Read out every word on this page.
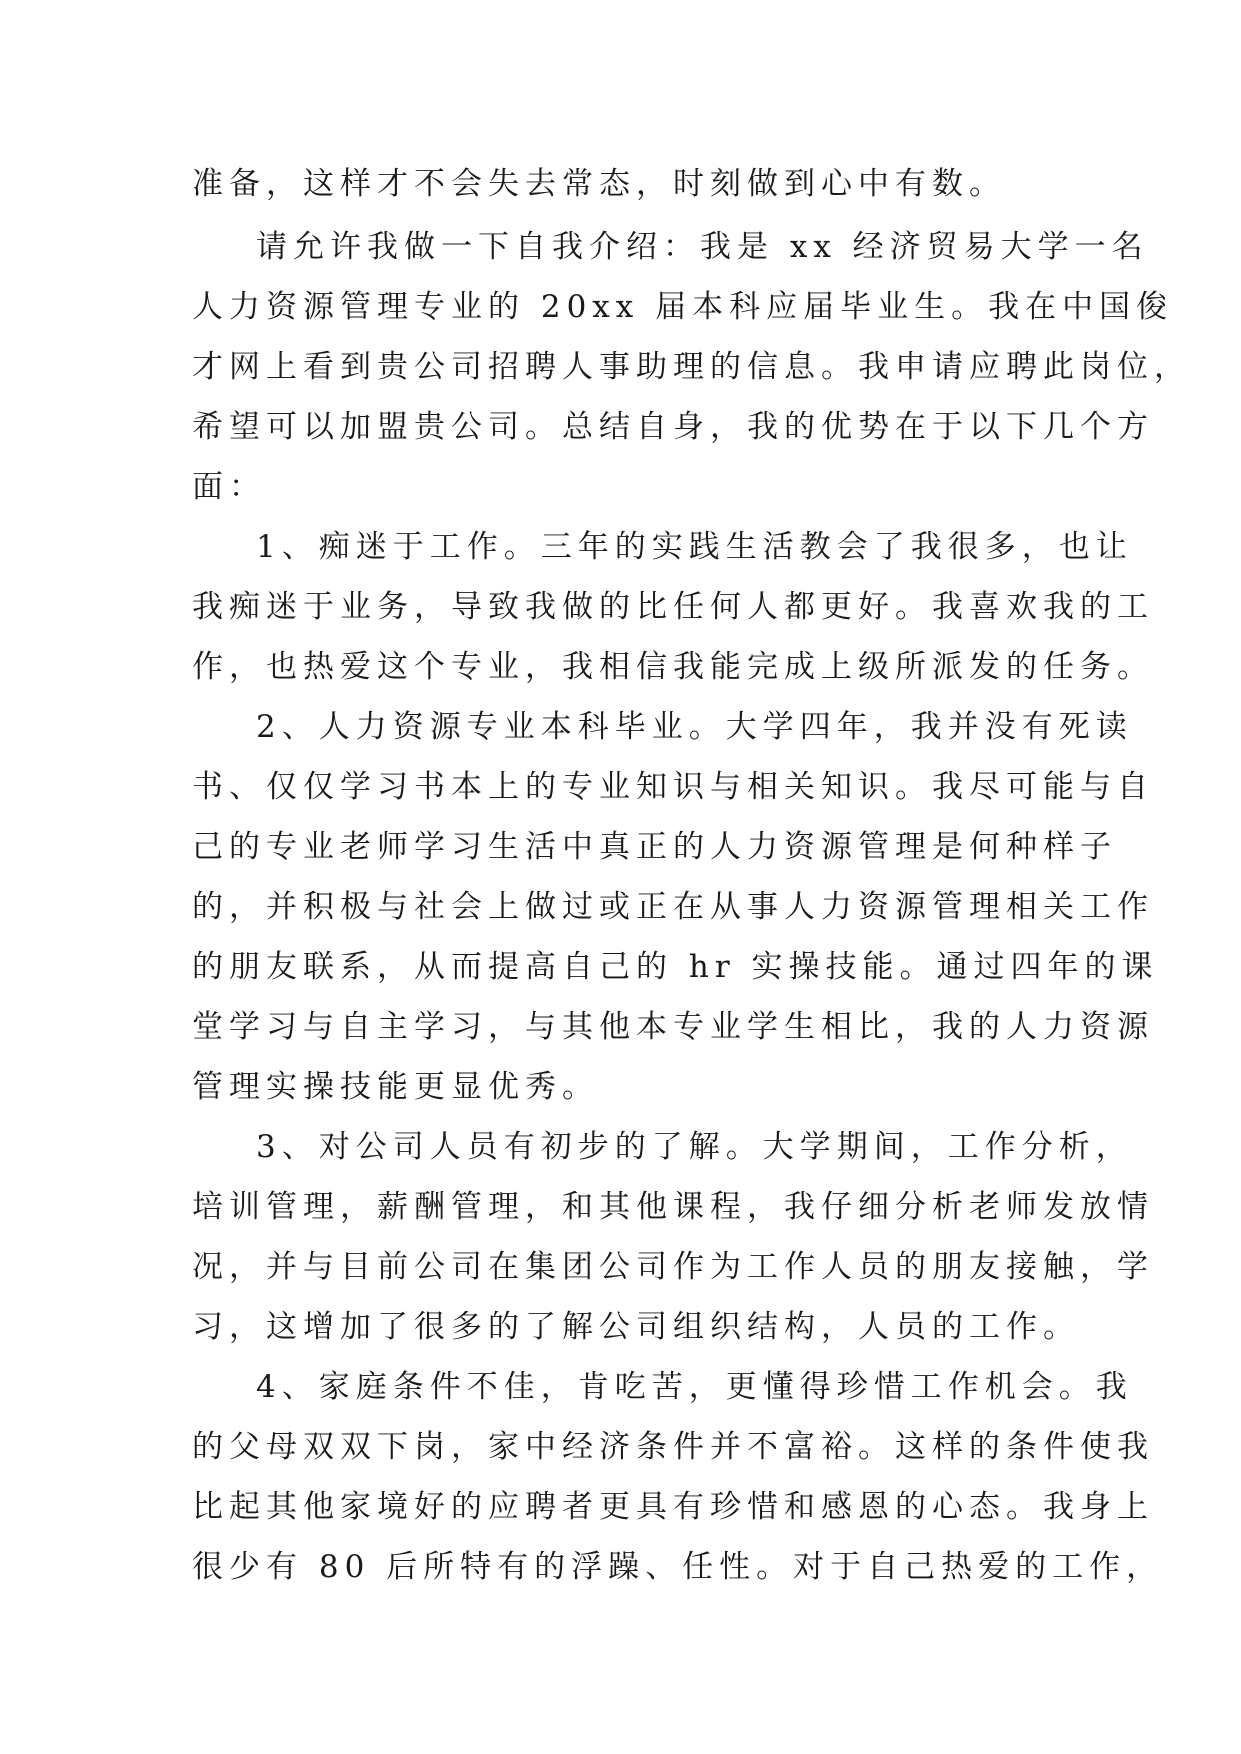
准备，这样才不会失去常态，时刻做到心中有数。
请允许我做一下自我介绍：我是 xx 经济贸易大学一名
人力资源管理专业的 20xx 届本科应届毕业生。我在中国俊
才网上看到贵公司招聘人事助理的信息。我申请应聘此岗位，
希望可以加盟贵公司。总结自身，我的优势在于以下几个方
面：
1、痴迷于工作。三年的实践生活教会了我很多，也让
我痴迷于业务，导致我做的比任何人都更好。我喜欢我的工
作，也热爱这个专业，我相信我能完成上级所派发的任务。
2、人力资源专业本科毕业。大学四年，我并没有死读
书、仅仅学习书本上的专业知识与相关知识。我尽可能与自
己的专业老师学习生活中真正的人力资源管理是何种样子
的，并积极与社会上做过或正在从事人力资源管理相关工作
的朋友联系，从而提高自己的 hr 实操技能。通过四年的课
堂学习与自主学习，与其他本专业学生相比，我的人力资源
管理实操技能更显优秀。
3、对公司人员有初步的了解。大学期间，工作分析，
培训管理，薪酬管理，和其他课程，我仔细分析老师发放情
况，并与目前公司在集团公司作为工作人员的朋友接触，学
习，这增加了很多的了解公司组织结构，人员的工作。
4、家庭条件不佳，肯吃苦，更懂得珍惜工作机会。我
的父母双双下岗，家中经济条件并不富裕。这样的条件使我
比起其他家境好的应聘者更具有珍惜和感恩的心态。我身上
很少有 80 后所特有的浮躁、任性。对于自己热爱的工作，
